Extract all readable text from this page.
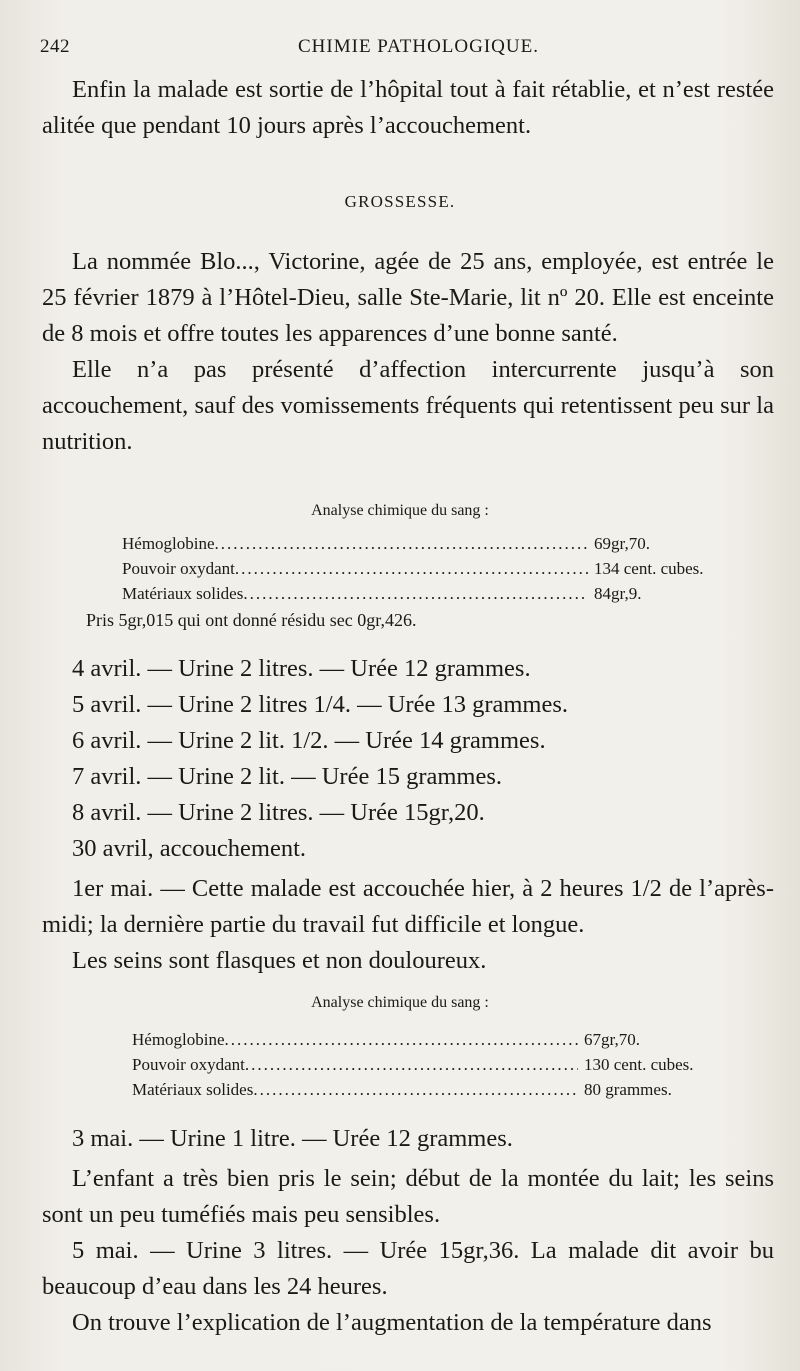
242	CHIMIE PATHOLOGIQUE.

Enfin la malade est sortie de l’hôpital tout à fait rétablie, et n’est restée alitée que pendant 10 jours après l’accouchement.

GROSSESSE.

La nommée Blo..., Victorine, agée de 25 ans, employée, est entrée le 25 février 1879 à l’Hôtel-Dieu, salle Ste-Marie, lit nº 20. Elle est enceinte de 8 mois et offre toutes les apparences d’une bonne santé.

Elle n’a pas présenté d’affection intercurrente jusqu’à son accouchement, sauf des vomissements fréquents qui retentissent peu sur la nutrition.

Analyse chimique du sang :
Hémoglobine .....	69gr,70.
Pouvoir oxydant .....	134 cent. cubes.
Matériaux solides .....	84gr,9.
Pris 5gr,015 qui ont donné résidu sec 0gr,426.
4 avril. — Urine 2 litres. — Urée 12 grammes.
5 avril. — Urine 2 litres 1/4. — Urée 13 grammes.
6 avril. — Urine 2 lit. 1/2. — Urée 14 grammes.
7 avril. — Urine 2 lit. — Urée 15 grammes.
8 avril. — Urine 2 litres. — Urée 15gr,20.
30 avril, accouchement.

1er mai. — Cette malade est accouchée hier, à 2 heures 1/2 de l’après-midi; la dernière partie du travail fut difficile et longue.

Les seins sont flasques et non douloureux.

Analyse chimique du sang :
Hémoglobine .....	67gr,70.
Pouvoir oxydant .....	130 cent. cubes.
Matériaux solides .....	80 grammes.
3 mai. — Urine 1 litre. — Urée 12 grammes.

L’enfant a très bien pris le sein; début de la montée du lait; les seins sont un peu tuméfiés mais peu sensibles.

5 mai. — Urine 3 litres. — Urée 15gr,36. La malade dit avoir bu beaucoup d’eau dans les 24 heures.

On trouve l’explication de l’augmentation de la température dans
